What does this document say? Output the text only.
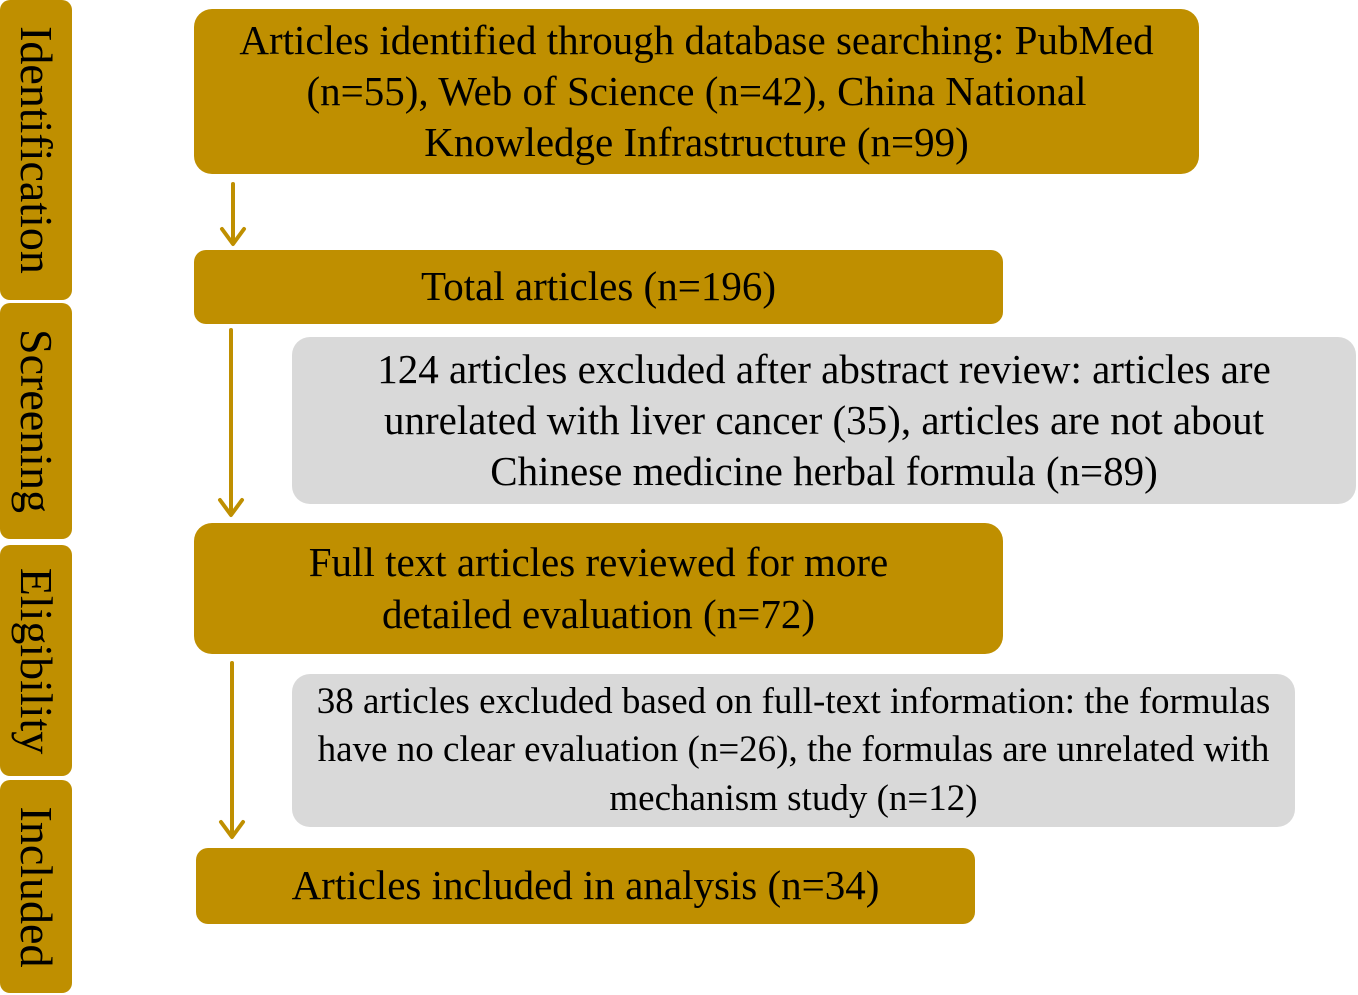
Identification
Screening
Eligibility
Included
Articles identified through database searching: PubMed (n=55), Web of Science (n=42), China National Knowledge Infrastructure (n=99)
Total articles (n=196)
124 articles excluded after abstract review: articles are unrelated with liver cancer (35), articles are not about Chinese medicine herbal formula (n=89)
Full text articles reviewed for more detailed evaluation (n=72)
38 articles excluded based on full-text information: the formulas have no clear evaluation (n=26), the formulas are unrelated with mechanism study (n=12)
Articles included in analysis (n=34)
